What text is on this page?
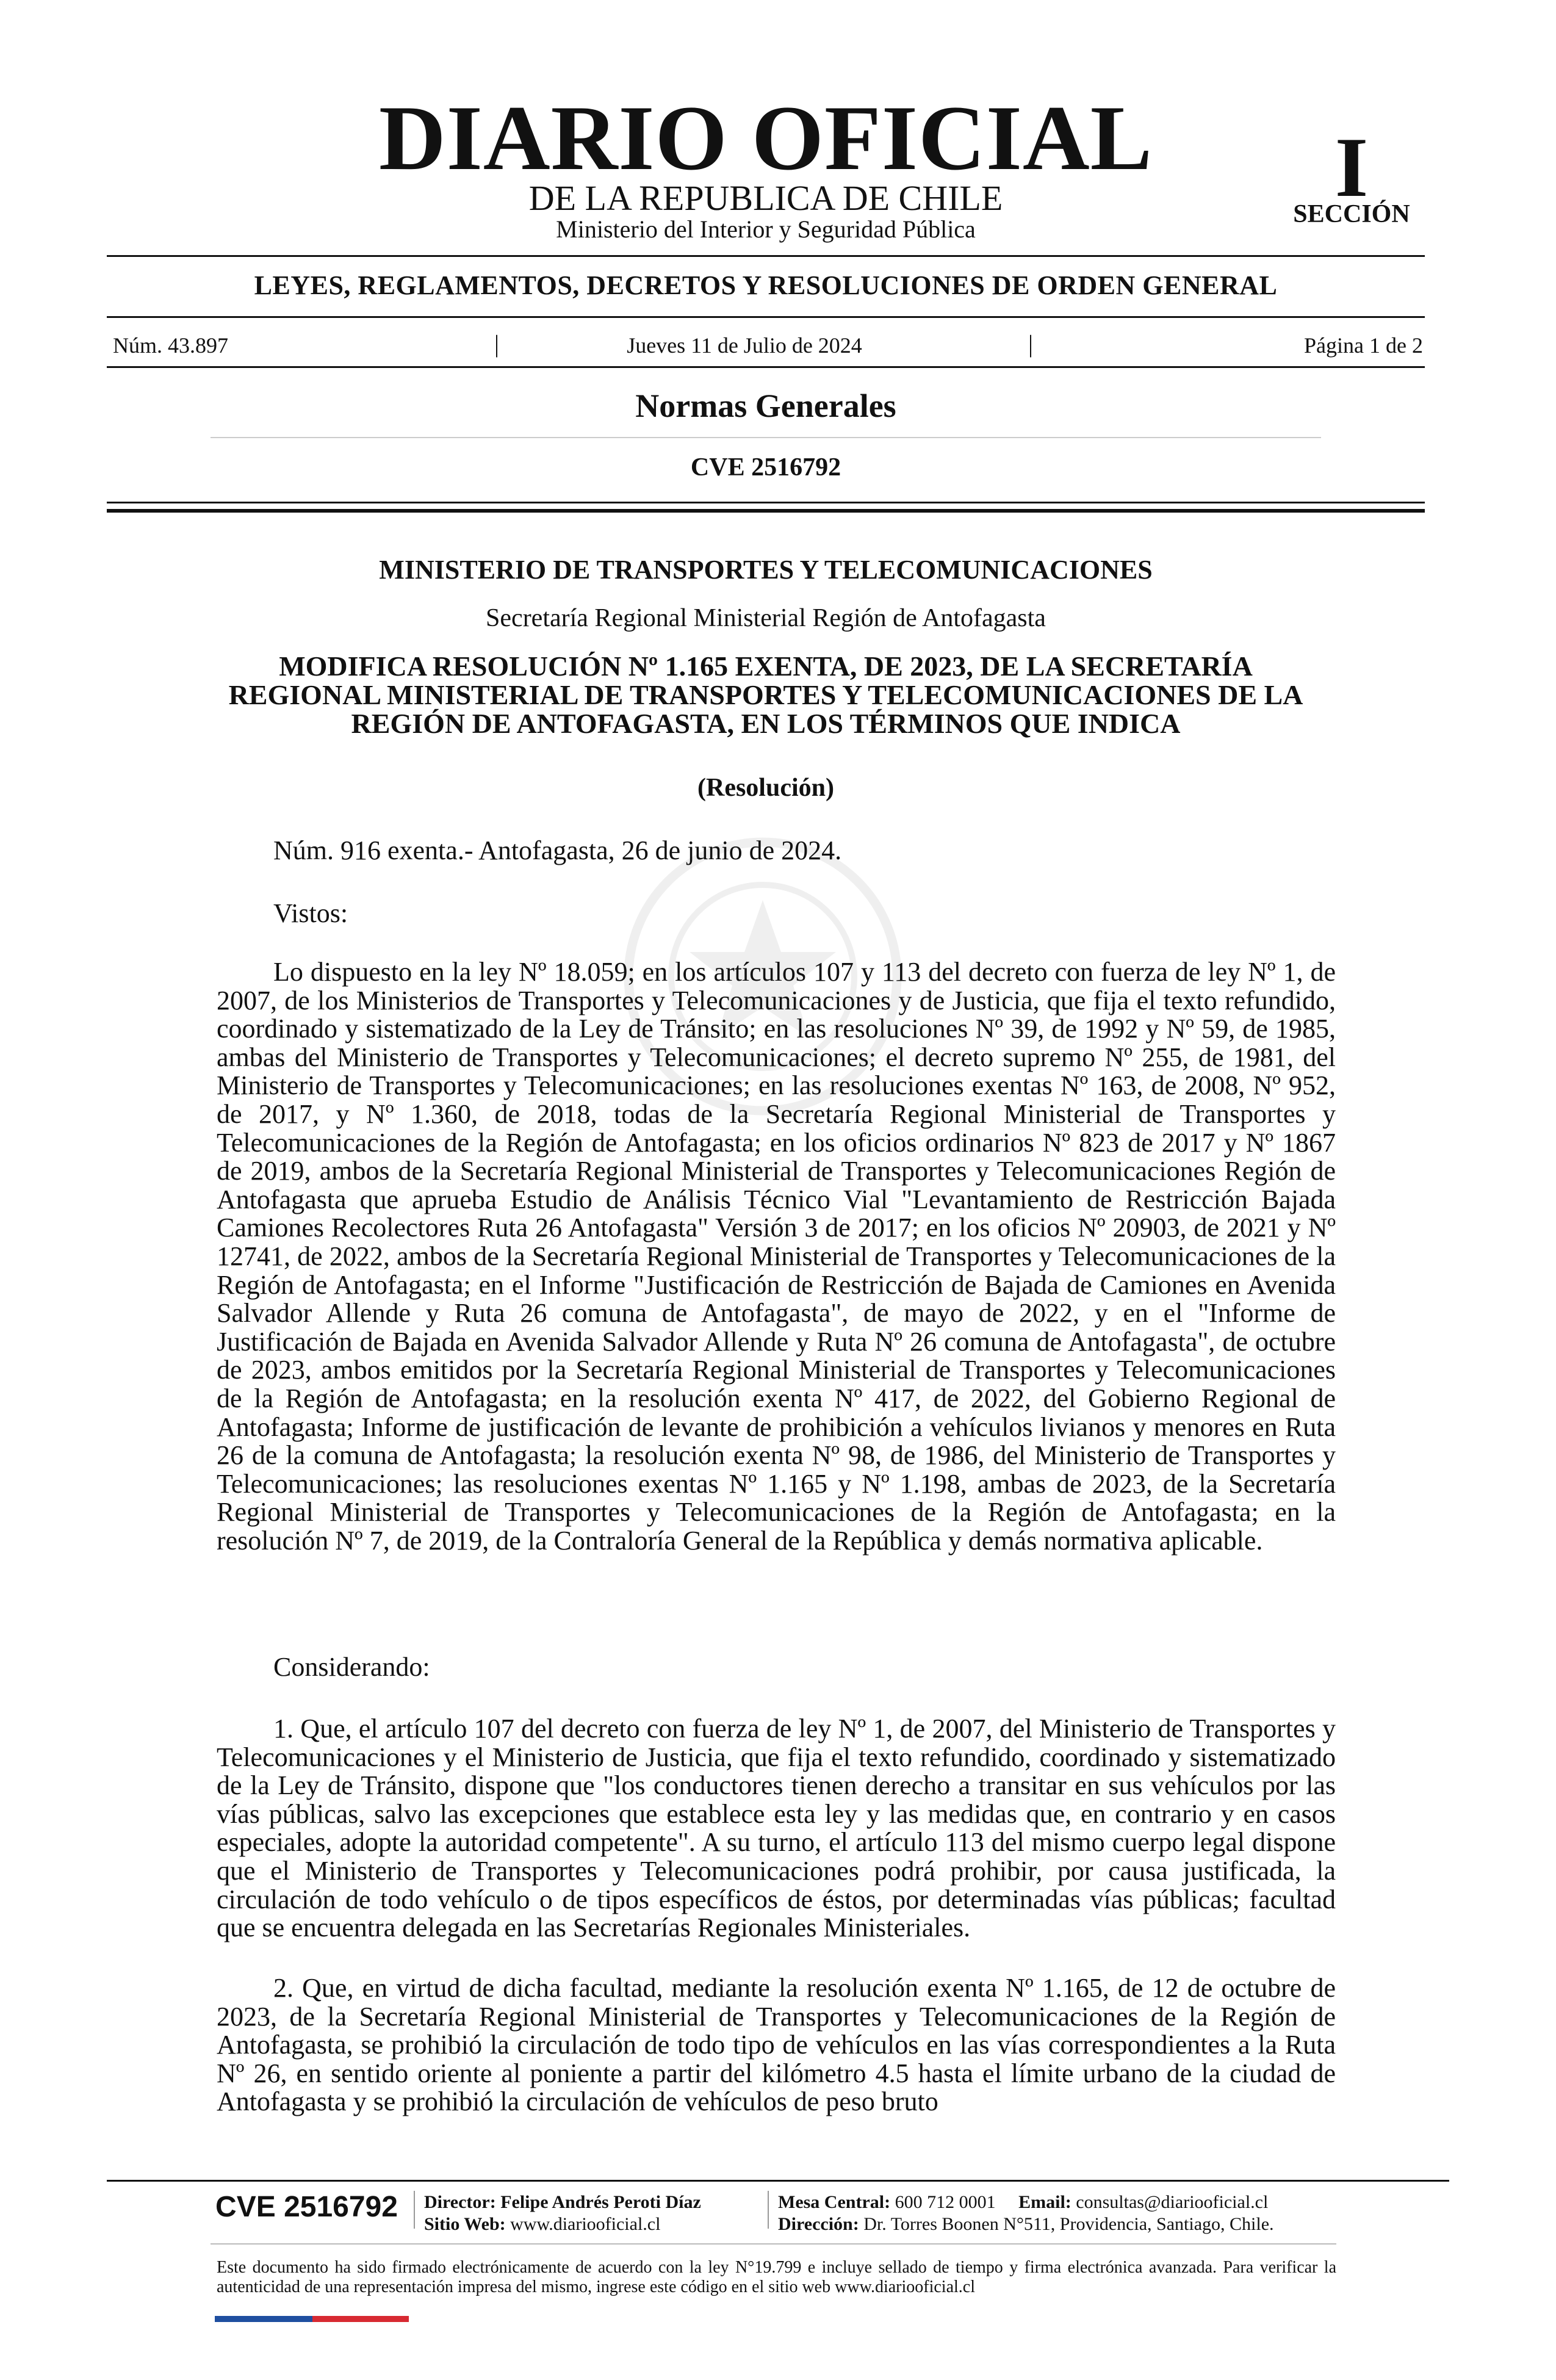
DIARIO OFICIAL
DE LA REPUBLICA DE CHILE
Ministerio del Interior y Seguridad Pública
I
SECCIÓN
LEYES, REGLAMENTOS, DECRETOS Y RESOLUCIONES DE ORDEN GENERAL
Núm. 43.897	|	Jueves 11 de Julio de 2024	|	Página 1 de 2
Normas Generales
CVE 2516792
MINISTERIO DE TRANSPORTES Y TELECOMUNICACIONES
Secretaría Regional Ministerial Región de Antofagasta
MODIFICA RESOLUCIÓN Nº 1.165 EXENTA, DE 2023, DE LA SECRETARÍA REGIONAL MINISTERIAL DE TRANSPORTES Y TELECOMUNICACIONES DE LA REGIÓN DE ANTOFAGASTA, EN LOS TÉRMINOS QUE INDICA
(Resolución)
Núm. 916 exenta.- Antofagasta, 26 de junio de 2024.
Vistos:
Lo dispuesto en la ley Nº 18.059; en los artículos 107 y 113 del decreto con fuerza de ley Nº 1, de 2007, de los Ministerios de Transportes y Telecomunicaciones y de Justicia, que fija el texto refundido, coordinado y sistematizado de la Ley de Tránsito; en las resoluciones Nº 39, de 1992 y Nº 59, de 1985, ambas del Ministerio de Transportes y Telecomunicaciones; el decreto supremo Nº 255, de 1981, del Ministerio de Transportes y Telecomunicaciones; en las resoluciones exentas Nº 163, de 2008, Nº 952, de 2017, y Nº 1.360, de 2018, todas de la Secretaría Regional Ministerial de Transportes y Telecomunicaciones de la Región de Antofagasta; en los oficios ordinarios Nº 823 de 2017 y Nº 1867 de 2019, ambos de la Secretaría Regional Ministerial de Transportes y Telecomunicaciones Región de Antofagasta que aprueba Estudio de Análisis Técnico Vial "Levantamiento de Restricción Bajada Camiones Recolectores Ruta 26 Antofagasta" Versión 3 de 2017; en los oficios Nº 20903, de 2021 y Nº 12741, de 2022, ambos de la Secretaría Regional Ministerial de Transportes y Telecomunicaciones de la Región de Antofagasta; en el Informe "Justificación de Restricción de Bajada de Camiones en Avenida Salvador Allende y Ruta 26 comuna de Antofagasta", de mayo de 2022, y en el "Informe de Justificación de Bajada en Avenida Salvador Allende y Ruta Nº 26 comuna de Antofagasta", de octubre de 2023, ambos emitidos por la Secretaría Regional Ministerial de Transportes y Telecomunicaciones de la Región de Antofagasta; en la resolución exenta Nº 417, de 2022, del Gobierno Regional de Antofagasta; Informe de justificación de levante de prohibición a vehículos livianos y menores en Ruta 26 de la comuna de Antofagasta; la resolución exenta Nº 98, de 1986, del Ministerio de Transportes y Telecomunicaciones; las resoluciones exentas Nº 1.165 y Nº 1.198, ambas de 2023, de la Secretaría Regional Ministerial de Transportes y Telecomunicaciones de la Región de Antofagasta; en la resolución Nº 7, de 2019, de la Contraloría General de la República y demás normativa aplicable.
Considerando:
1. Que, el artículo 107 del decreto con fuerza de ley Nº 1, de 2007, del Ministerio de Transportes y Telecomunicaciones y el Ministerio de Justicia, que fija el texto refundido, coordinado y sistematizado de la Ley de Tránsito, dispone que "los conductores tienen derecho a transitar en sus vehículos por las vías públicas, salvo las excepciones que establece esta ley y las medidas que, en contrario y en casos especiales, adopte la autoridad competente". A su turno, el artículo 113 del mismo cuerpo legal dispone que el Ministerio de Transportes y Telecomunicaciones podrá prohibir, por causa justificada, la circulación de todo vehículo o de tipos específicos de éstos, por determinadas vías públicas; facultad que se encuentra delegada en las Secretarías Regionales Ministeriales.
2. Que, en virtud de dicha facultad, mediante la resolución exenta Nº 1.165, de 12 de octubre de 2023, de la Secretaría Regional Ministerial de Transportes y Telecomunicaciones de la Región de Antofagasta, se prohibió la circulación de todo tipo de vehículos en las vías correspondientes a la Ruta Nº 26, en sentido oriente al poniente a partir del kilómetro 4.5 hasta el límite urbano de la ciudad de Antofagasta y se prohibió la circulación de vehículos de peso bruto
CVE 2516792 Director: Felipe Andrés Peroti Díaz
Sitio Web: www.diariooficial.cl
Mesa Central: 600 712 0001 Email: consultas@diariooficial.cl
Dirección: Dr. Torres Boonen N°511, Providencia, Santiago, Chile.
Este documento ha sido firmado electrónicamente de acuerdo con la ley N°19.799 e incluye sellado de tiempo y firma electrónica avanzada. Para verificar la autenticidad de una representación impresa del mismo, ingrese este código en el sitio web www.diariooficial.cl
